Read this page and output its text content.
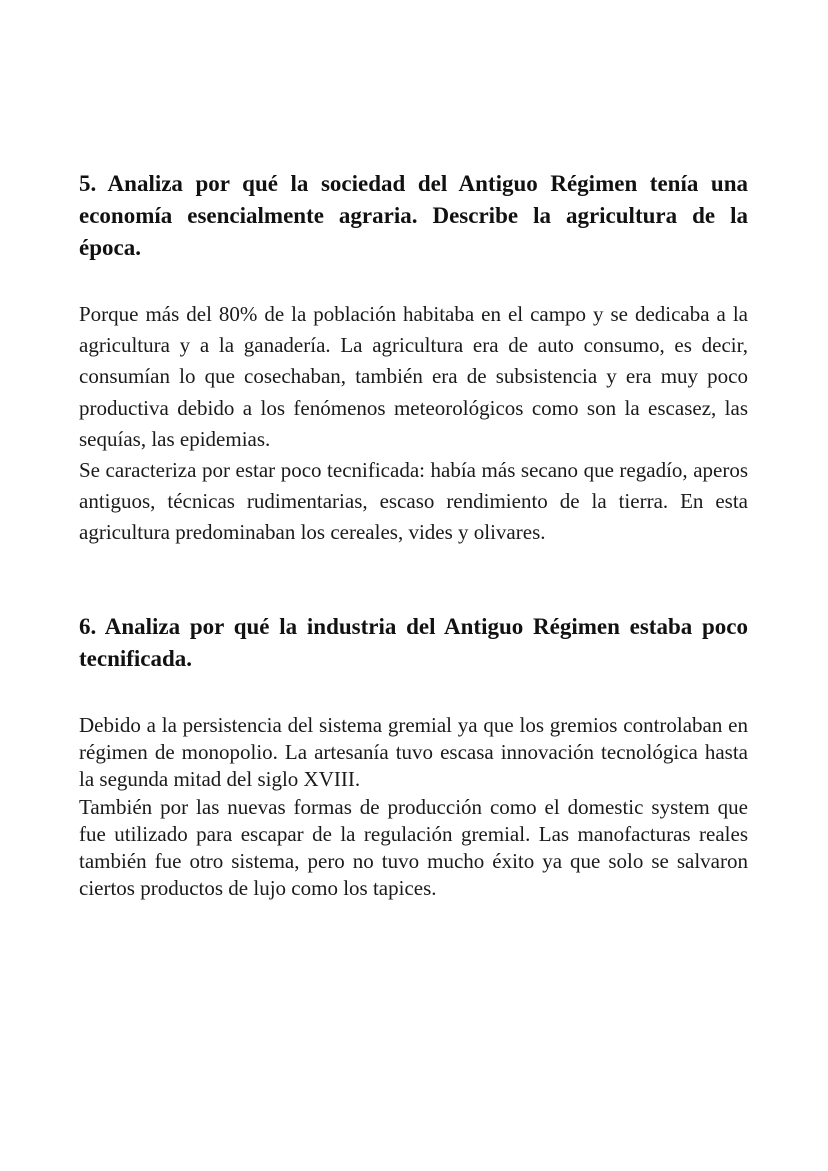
5. Analiza por qué la sociedad del Antiguo Régimen tenía una economía esencialmente agraria. Describe la agricultura de la época.

Porque más del 80% de la población habitaba en el campo y se dedicaba a la agricultura y a la ganadería. La agricultura era de auto consumo, es decir, consumían lo que cosechaban, también era de subsistencia y era muy poco productiva debido a los fenómenos meteorológicos como son la escasez, las sequías, las epidemias.

Se caracteriza por estar poco tecnificada: había más secano que regadío, aperos antiguos, técnicas rudimentarias, escaso rendimiento de la tierra. En esta agricultura predominaban los cereales, vides y olivares.

6. Analiza por qué la industria del Antiguo Régimen estaba poco tecnificada.

Debido a la persistencia del sistema gremial ya que los gremios controlaban en régimen de monopolio. La artesanía tuvo escasa innovación tecnológica hasta la segunda mitad del siglo XVIII.

También por las nuevas formas de producción como el domestic system que fue utilizado para escapar de la regulación gremial. Las manofacturas reales también fue otro sistema, pero no tuvo mucho éxito ya que solo se salvaron ciertos productos de lujo como los tapices.
